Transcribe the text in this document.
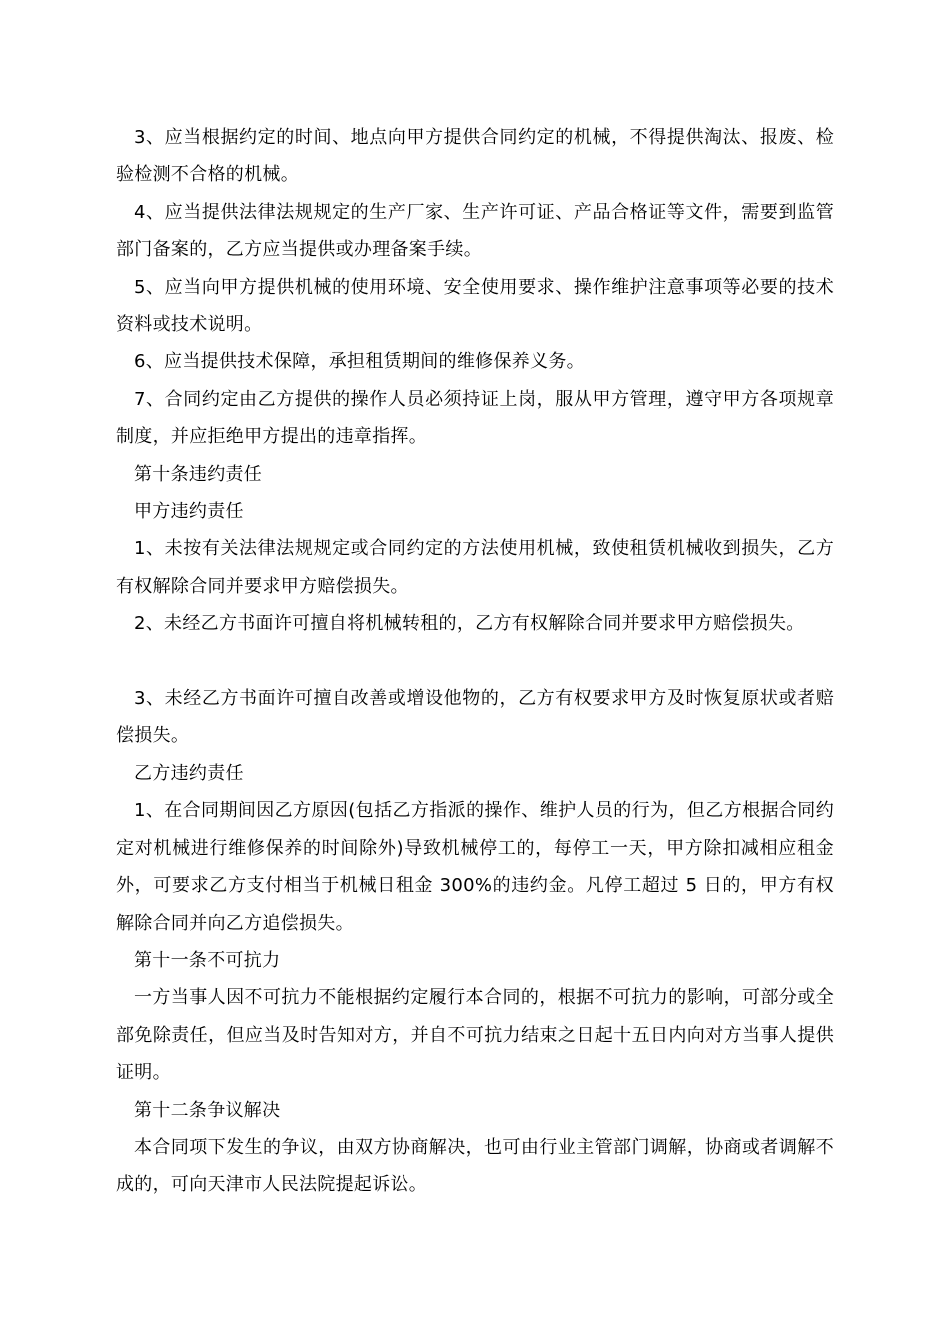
3、应当根据约定的时间、地点向甲方提供合同约定的机械，不得提供淘汰、报废、检验检测不合格的机械。

4、应当提供法律法规规定的生产厂家、生产许可证、产品合格证等文件，需要到监管部门备案的，乙方应当提供或办理备案手续。

5、应当向甲方提供机械的使用环境、安全使用要求、操作维护注意事项等必要的技术资料或技术说明。

6、应当提供技术保障，承担租赁期间的维修保养义务。

7、合同约定由乙方提供的操作人员必须持证上岗，服从甲方管理，遵守甲方各项规章制度，并应拒绝甲方提出的违章指挥。

第十条违约责任

甲方违约责任

1、未按有关法律法规规定或合同约定的方法使用机械，致使租赁机械收到损失，乙方有权解除合同并要求甲方赔偿损失。

2、未经乙方书面许可擅自将机械转租的，乙方有权解除合同并要求甲方赔偿损失。

3、未经乙方书面许可擅自改善或增设他物的，乙方有权要求甲方及时恢复原状或者赔偿损失。

乙方违约责任

1、在合同期间因乙方原因(包括乙方指派的操作、维护人员的行为，但乙方根据合同约定对机械进行维修保养的时间除外)导致机械停工的，每停工一天，甲方除扣减相应租金外，可要求乙方支付相当于机械日租金 300%的违约金。凡停工超过 5 日的，甲方有权解除合同并向乙方追偿损失。

第十一条不可抗力

一方当事人因不可抗力不能根据约定履行本合同的，根据不可抗力的影响，可部分或全部免除责任，但应当及时告知对方，并自不可抗力结束之日起十五日内向对方当事人提供证明。

第十二条争议解决

本合同项下发生的争议，由双方协商解决，也可由行业主管部门调解，协商或者调解不成的，可向天津市人民法院提起诉讼。
